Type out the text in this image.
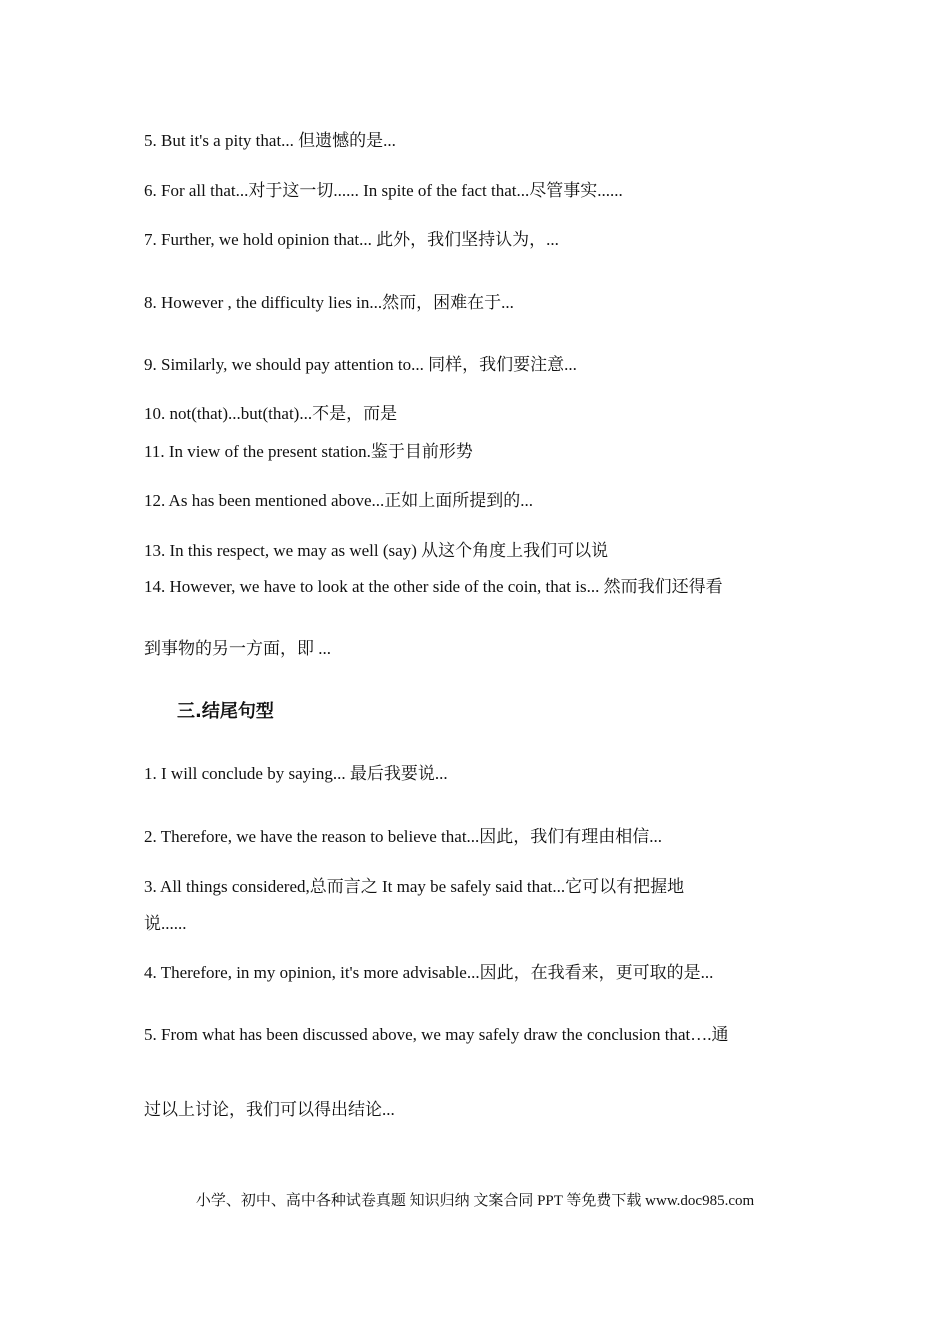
5. But it's a pity that... 但遗憾的是...
6. For all that...对于这一切...... In spite of the fact that...尽管事实......
7. Further, we hold opinion that... 此外，我们坚持认为，...
8. However , the difficulty lies in...然而，困难在于...
9. Similarly, we should pay attention to... 同样，我们要注意...
10. not(that)...but(that)...不是，而是
11. In view of the present station.鉴于目前形势
12. As has been mentioned above...正如上面所提到的...
13. In this respect, we may as well (say) 从这个角度上我们可以说
14. However, we have to look at the other side of the coin, that is... 然而我们还得看
到事物的另一方面，即 ...
三.结尾句型
1. I will conclude by saying... 最后我要说...
2. Therefore, we have the reason to believe that...因此，我们有理由相信...
3. All things considered,总而言之 It may be safely said that...它可以有把握地
说......
4. Therefore, in my opinion, it's more advisable...因此，在我看来，更可取的是...
5. From what has been discussed above, we may safely draw the conclusion that….通
过以上讨论，我们可以得出结论...
小学、初中、高中各种试卷真题 知识归纳 文案合同 PPT 等免费下载 www.doc985.com
